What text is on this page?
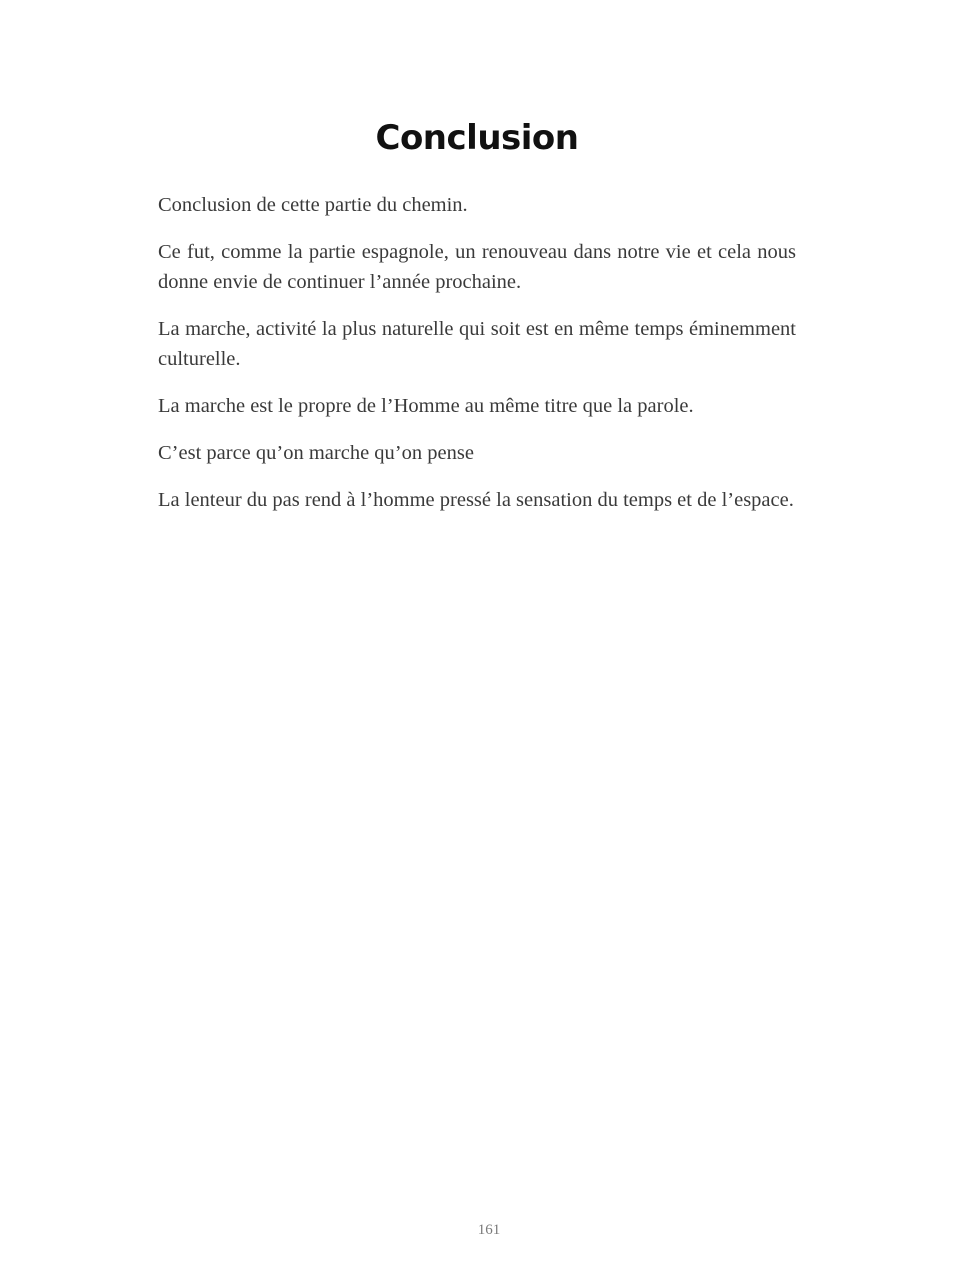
Conclusion

Conclusion de cette partie du chemin.

Ce fut, comme la partie espagnole, un renouveau dans notre vie et cela nous donne envie de continuer l’année prochaine.

La marche, activité la plus naturelle qui soit est en même temps éminemment culturelle.

La marche est le propre de l’Homme au même titre que la parole.

C’est parce qu’on marche qu’on pense

La lenteur du pas rend à l’homme pressé la sensation du temps et de l’espace.

161
